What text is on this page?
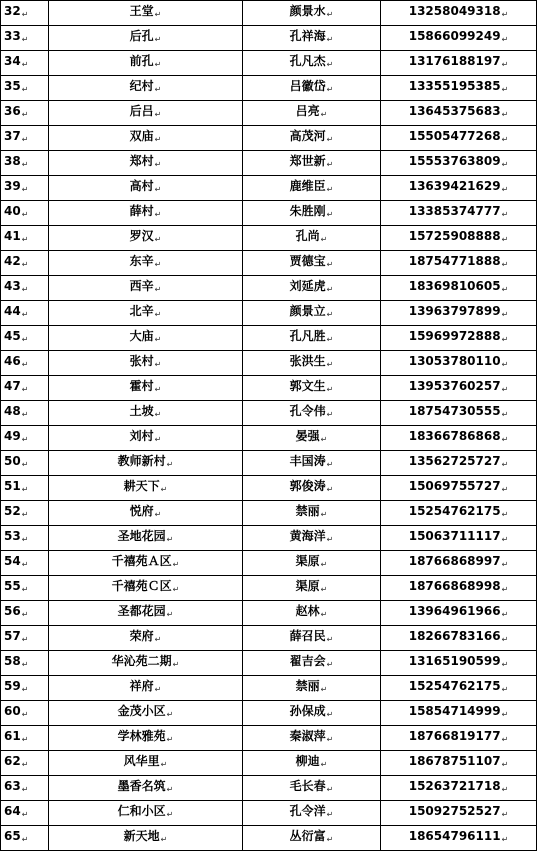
32↵	王堂↵	颜景水↵	13258049318↵
33↵	后孔↵	孔祥海↵	15866099249↵
34↵	前孔↵	孔凡杰↵	13176188197↵
35↵	纪村↵	吕徽岱↵	13355195385↵
36↵	后吕↵	吕亮↵	13645375683↵
37↵	双庙↵	高茂河↵	15505477268↵
38↵	郑村↵	郑世新↵	15553763809↵
39↵	高村↵	鹿维臣↵	13639421629↵
40↵	薛村↵	朱胜刚↵	13385374777↵
41↵	罗汉↵	孔尚↵	15725908888↵
42↵	东辛↵	贾德宝↵	18754771888↵
43↵	西辛↵	刘延虎↵	18369810605↵
44↵	北辛↵	颜景立↵	13963797899↵
45↵	大庙↵	孔凡胜↵	15969972888↵
46↵	张村↵	张洪生↵	13053780110↵
47↵	霍村↵	郭文生↵	13953760257↵
48↵	土坡↵	孔令伟↵	18754730555↵
49↵	刘村↵	晏强↵	18366786868↵
50↵	教师新村↵	丰国涛↵	13562725727↵
51↵	耕天下↵	郭俊涛↵	15069755727↵
52↵	悦府↵	禁丽↵	15254762175↵
53↵	圣地花园↵	黄海洋↵	15063711117↵
54↵	千禧苑Ａ区↵	渠原↵	18766868997↵
55↵	千禧苑Ｃ区↵	渠原↵	18766868998↵
56↵	圣都花园↵	赵林↵	13964961966↵
57↵	荣府↵	薛召民↵	18266783166↵
58↵	华沁苑二期↵	翟吉会↵	13165190599↵
59↵	祥府↵	禁丽↵	15254762175↵
60↵	金茂小区↵	孙保成↵	15854714999↵
61↵	学林雅苑↵	秦淑萍↵	18766819177↵
62↵	风华里↵	柳迪↵	18678751107↵
63↵	墨香名筑↵	毛长春↵	15263721718↵
64↵	仁和小区↵	孔令洋↵	15092752527↵
65↵	新天地↵	丛衍富↵	18654796111↵
